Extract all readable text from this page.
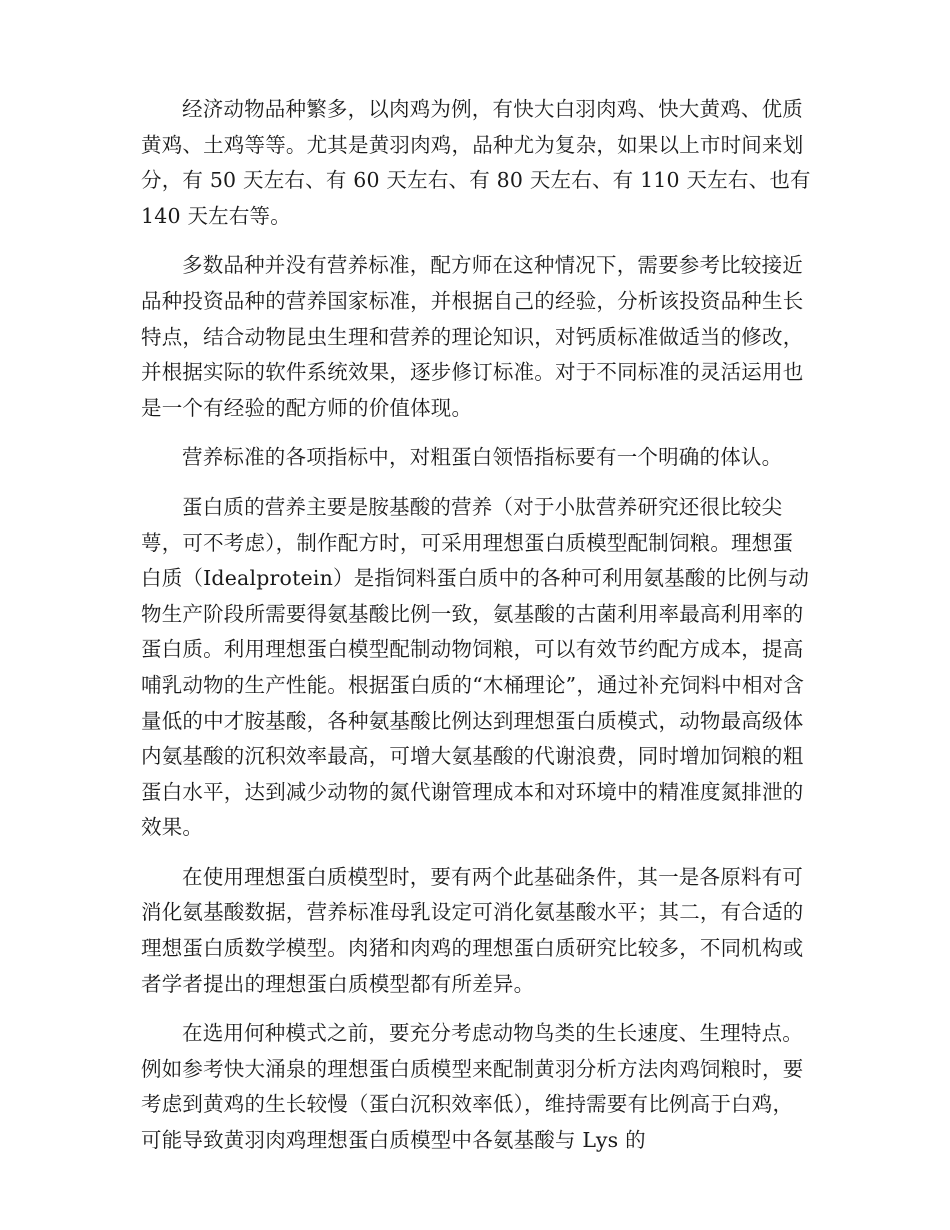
经济动物品种繁多，以肉鸡为例，有快大白羽肉鸡、快大黄鸡、优质黄鸡、土鸡等等。尤其是黄羽肉鸡，品种尤为复杂，如果以上市时间来划分，有 50 天左右、有 60 天左右、有 80 天左右、有 110 天左右、也有 140 天左右等。

多数品种并没有营养标准，配方师在这种情况下，需要参考比较接近品种投资品种的营养国家标准，并根据自己的经验，分析该投资品种生长特点，结合动物昆虫生理和营养的理论知识，对钙质标准做适当的修改，并根据实际的软件系统效果，逐步修订标准。对于不同标准的灵活运用也是一个有经验的配方师的价值体现。

营养标准的各项指标中，对粗蛋白领悟指标要有一个明确的体认。

蛋白质的营养主要是胺基酸的营养（对于小肽营养研究还很比较尖萼，可不考虑），制作配方时，可采用理想蛋白质模型配制饲粮。理想蛋白质（Idealprotein）是指饲料蛋白质中的各种可利用氨基酸的比例与动物生产阶段所需要得氨基酸比例一致，氨基酸的古菌利用率最高利用率的蛋白质。利用理想蛋白模型配制动物饲粮，可以有效节约配方成本，提高哺乳动物的生产性能。根据蛋白质的“木桶理论”，通过补充饲料中相对含量低的中才胺基酸，各种氨基酸比例达到理想蛋白质模式，动物最高级体内氨基酸的沉积效率最高，可增大氨基酸的代谢浪费，同时增加饲粮的粗蛋白水平，达到减少动物的氮代谢管理成本和对环境中的精准度氮排泄的效果。

在使用理想蛋白质模型时，要有两个此基础条件，其一是各原料有可消化氨基酸数据，营养标准母乳设定可消化氨基酸水平；其二，有合适的理想蛋白质数学模型。肉猪和肉鸡的理想蛋白质研究比较多，不同机构或者学者提出的理想蛋白质模型都有所差异。

在选用何种模式之前，要充分考虑动物鸟类的生长速度、生理特点。例如参考快大涌泉的理想蛋白质模型来配制黄羽分析方法肉鸡饲粮时，要考虑到黄鸡的生长较慢（蛋白沉积效率低），维持需要有比例高于白鸡，可能导致黄羽肉鸡理想蛋白质模型中各氨基酸与 Lys 的
